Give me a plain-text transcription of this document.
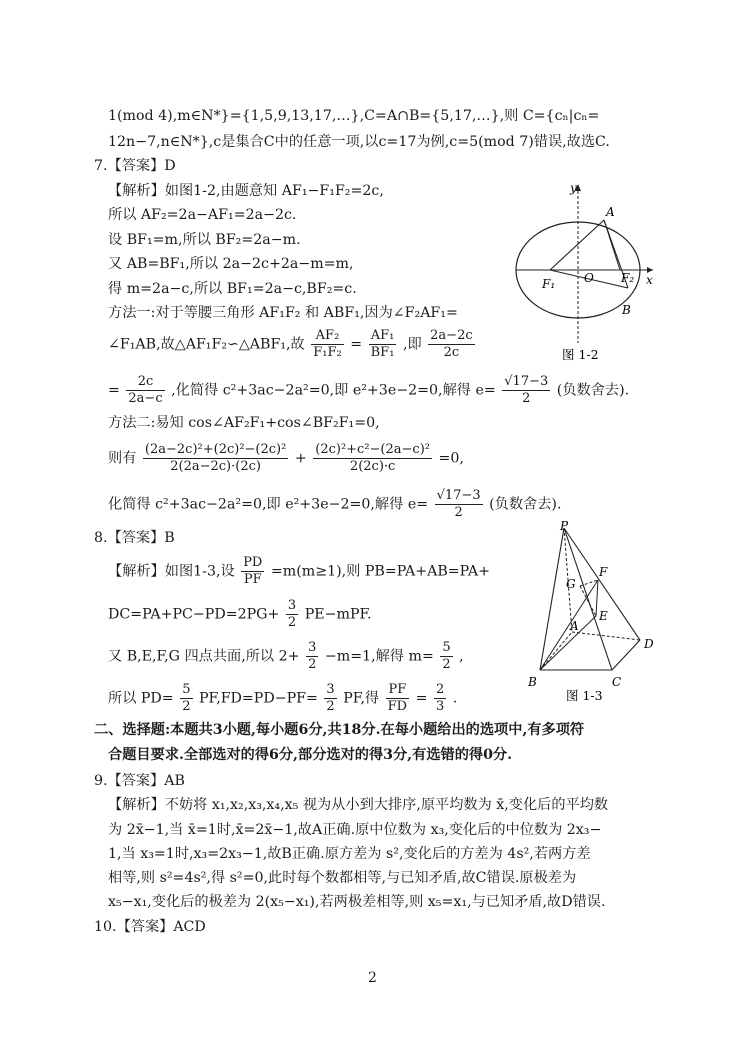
1(mod 4),m∈N*}={1,5,9,13,17,…},C=A∩B={5,17,…},则 C={cₙ|cₙ=
12n−7,n∈N*},c是集合C中的任意一项,以c=17为例,c=5(mod 7)错误,故选C.
7.【答案】D
【解析】如图1-2,由题意知 AF₁−F₁F₂=2c,
所以 AF₂=2a−AF₁=2a−2c.
设 BF₁=m,所以 BF₂=2a−m.
又 AB=BF₁,所以 2a−2c+2a−m=m,
得 m=2a−c,所以 BF₁=2a−c,BF₂=c.
方法一:对于等腰三角形 AF₁F₂ 和 ABF₁,因为∠F₂AF₁=
∠F₁AB,故△AF₁F₂∽△ABF₁,故 $\frac{\text{AF₂}}{\text{F₁F₂}} = \frac{\text{AF₁}}{\text{BF₁}}$ ,即 $\frac{2a-2c}{2c}$
= $\frac{2c}{2a-c}$ ,化简得 c²+3ac−2a²=0,即 e²+3e−2=0,解得 $e= \frac{√17-3}{2}$ (负数舍去).
方法二:易知 cos∠AF₂F₁+cos∠BF₂F₁=0,
则有 $\frac{\text{(2a−2c)²+(2c)²−(2c)²}}{2(2a-2c)\cdot(2c)} + \frac{\text{(2c)²+c²−(2a−c)²}}{2(2c)\cdot c} =0$,
化简得 c²+3ac−2a²=0,即 e²+3e−2=0,解得 $e= \frac{√17-3}{2}$ (负数舍去).
8.【答案】B
【解析】如图1-3,设 $\frac{PD}{PF} =m(m\ge 1)$,则 PB=PA+AB=PA+
$DC=PA+PC-PD=2PG+ \frac{3}{2} PE-mPF$.
又 B,E,F,G 四点共面,所以 $2+ \frac{3}{2} -m=1$,解得 $m= \frac{5}{2}$ ,
所以 $PD= \frac{5}{2} PF,FD=PD-PF= \frac{3}{2}$ PF,得 $\frac{PF}{FD} = \frac{2}{3}$ .
二、选择题:本题共3小题,每小题6分,共18分.在每小题给出的选项中,有多项符
合题目要求.全部选对的得6分,部分选对的得3分,有选错的得0分.
9.【答案】AB
【解析】不妨将 x₁,x₂,x₃,x₄,x₅ 视为从小到大排序,原平均数为 x̄,变化后的平均数
为 2x̄−1,当 x̄=1时,x̄=2x̄−1,故A正确.原中位数为 x₃,变化后的中位数为 2x₃−
1,当 x₃=1时,x₃=2x₃−1,故B正确.原方差为 s²,变化后的方差为 4s²,若两方差
相等,则 s²=4s²,得 s²=0,此时每个数都相等,与已知矛盾,故C错误.原极差为
x₅−x₁,变化后的极差为 2(x₅−x₁),若两极差相等,则 x₅=x₁,与已知矛盾,故D错误.
10.【答案】ACD
y
x
A
O
F₁	F₂
B
图 1-2
P
G
F
E
A
D
B	C
图 1-3
2
